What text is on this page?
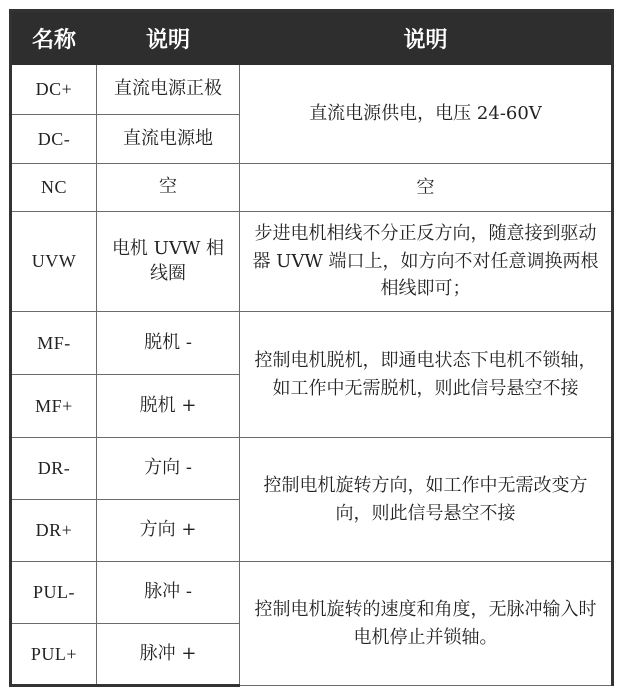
名称	说明	说明
DC+	直流电源正极	直流电源供电，电压 24-60V
DC-	直流电源地	
NC	空	空
UVW	电机 UVW 相线圈	步进电机相线不分正反方向，随意接到驱动器 UVW 端口上，如方向不对任意调换两根相线即可；
MF-	脱机 -	控制电机脱机，即通电状态下电机不锁轴，如工作中无需脱机，则此信号悬空不接
MF+	脱机 +	
DR-	方向 -	控制电机旋转方向，如工作中无需改变方向，则此信号悬空不接
DR+	方向 +	
PUL-	脉冲 -	控制电机旋转的速度和角度，无脉冲输入时电机停止并锁轴。
PUL+	脉冲 +	
